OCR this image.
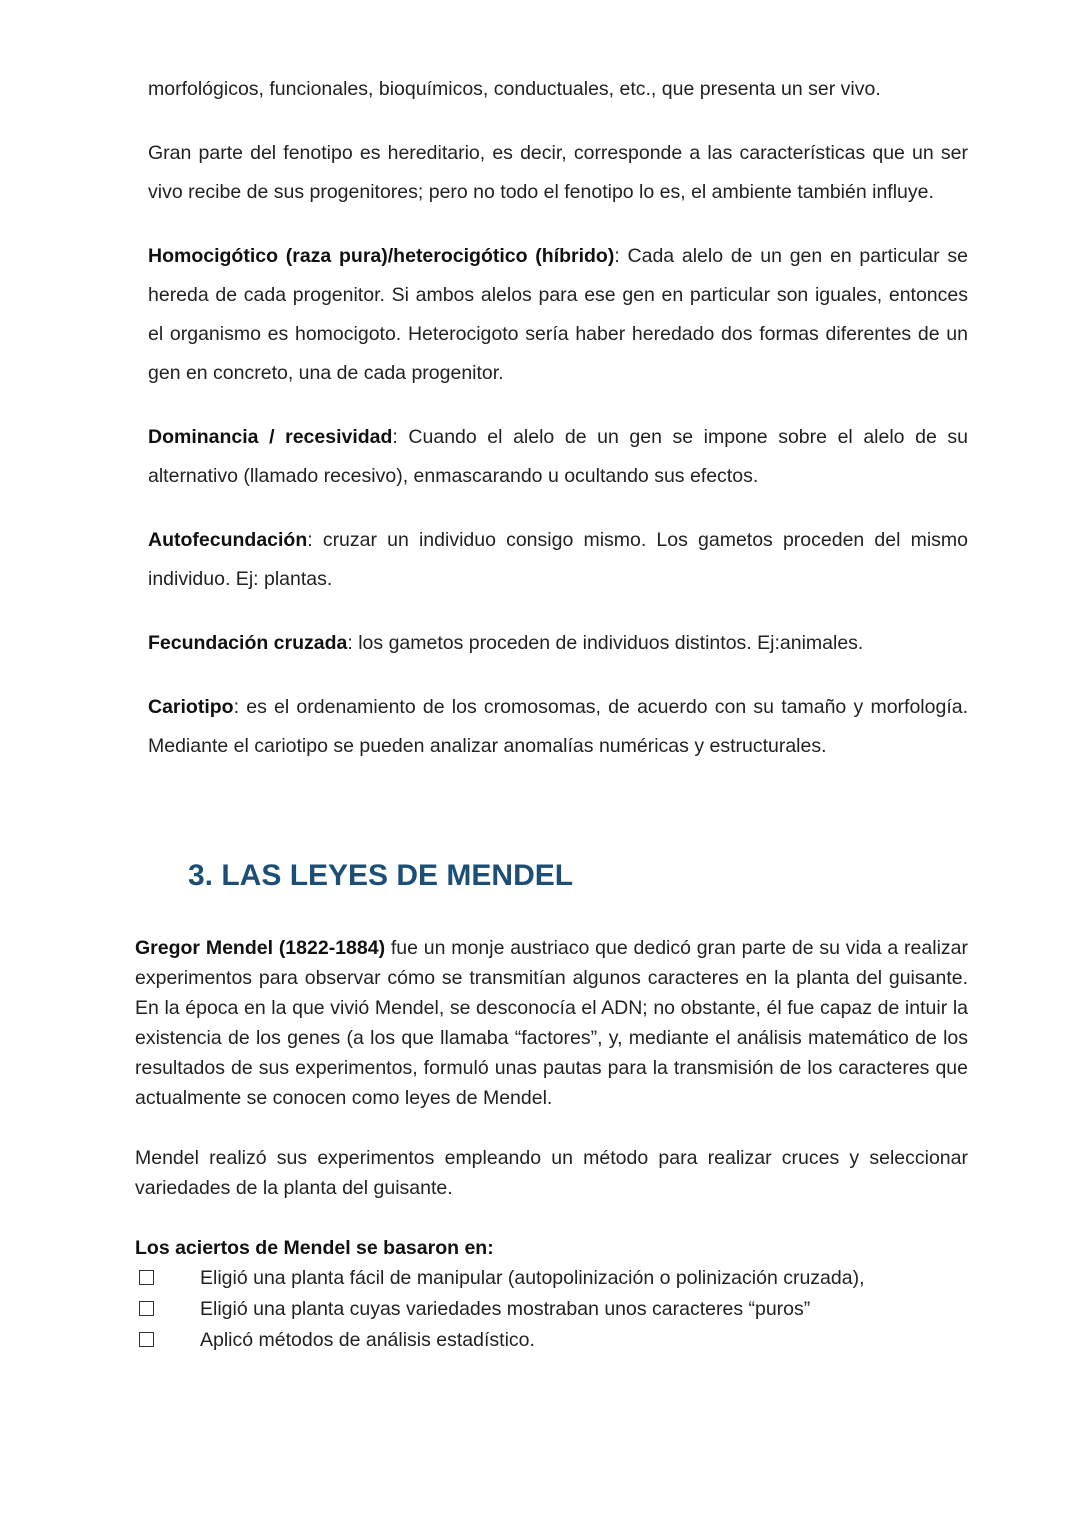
morfológicos, funcionales, bioquímicos, conductuales, etc., que presenta un ser vivo.

Gran parte del fenotipo es hereditario, es decir, corresponde a las características que un ser vivo recibe de sus progenitores; pero no todo el fenotipo lo es, el ambiente también influye.

Homocigótico (raza pura)/heterocigótico (híbrido): Cada alelo de un gen en particular se hereda de cada progenitor. Si ambos alelos para ese gen en particular son iguales, entonces el organismo es homocigoto. Heterocigoto sería haber heredado dos formas diferentes de un gen en concreto, una de cada progenitor.

Dominancia / recesividad: Cuando el alelo de un gen se impone sobre el alelo de su alternativo (llamado recesivo), enmascarando u ocultando sus efectos.

Autofecundación: cruzar un individuo consigo mismo. Los gametos proceden del mismo individuo. Ej: plantas.

Fecundación cruzada: los gametos proceden de individuos distintos. Ej:animales.

Cariotipo: es el ordenamiento de los cromosomas, de acuerdo con su tamaño y morfología. Mediante el cariotipo se pueden analizar anomalías numéricas y estructurales.

3. LAS LEYES DE MENDEL

Gregor Mendel (1822-1884) fue un monje austriaco que dedicó gran parte de su vida a realizar experimentos para observar cómo se transmitían algunos caracteres en la planta del guisante. En la época en la que vivió Mendel, se desconocía el ADN; no obstante, él fue capaz de intuir la existencia de los genes (a los que llamaba “factores”, y, mediante el análisis matemático de los resultados de sus experimentos, formuló unas pautas para la transmisión de los caracteres que actualmente se conocen como leyes de Mendel.

Mendel realizó sus experimentos empleando un método para realizar cruces y seleccionar variedades de la planta del guisante.

Los aciertos de Mendel se basaron en:

Eligió una planta fácil de manipular (autopolinización o polinización cruzada),
Eligió una planta cuyas variedades mostraban unos caracteres “puros”
Aplicó métodos de análisis estadístico.
